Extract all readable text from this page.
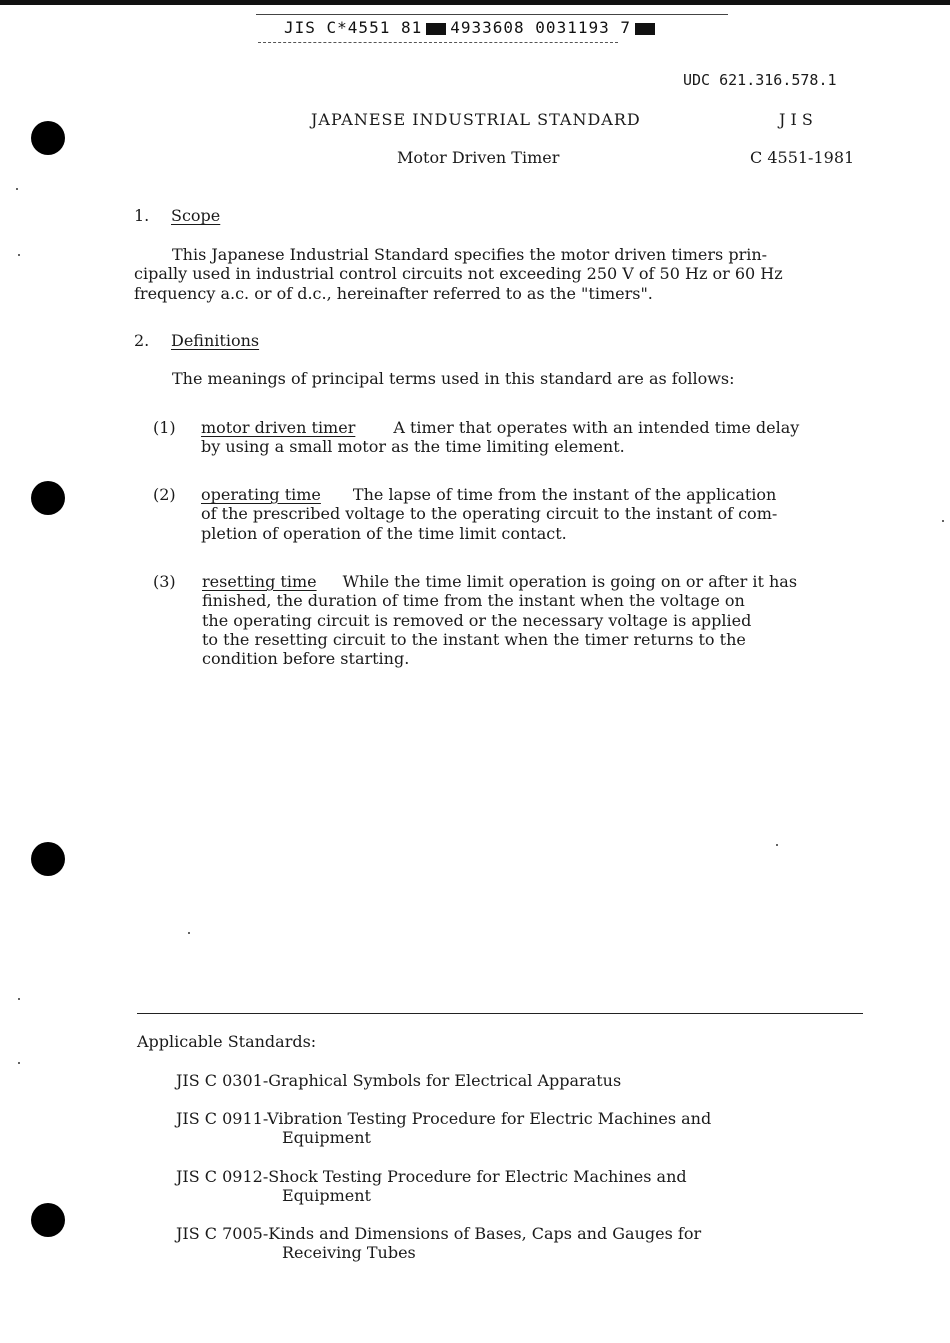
JIS C*4551 81 4933608 0031193 7
UDC 621.316.578.1
JAPANESE INDUSTRIAL STANDARD	J I S
Motor Driven Timer	C 4551-1981
1. Scope
This Japanese Industrial Standard specifies the motor driven timers prin-
cipally used in industrial control circuits not exceeding 250 V of 50 Hz or 60 Hz
frequency a.c. or of d.c., hereinafter referred to as the "timers".
2. Definitions
The meanings of principal terms used in this standard are as follows:
(1) motor driven timer A timer that operates with an intended time delay
by using a small motor as the time limiting element.
(2) operating time The lapse of time from the instant of the application
of the prescribed voltage to the operating circuit to the instant of com-
pletion of operation of the time limit contact.
(3) resetting time While the time limit operation is going on or after it has
finished, the duration of time from the instant when the voltage on
the operating circuit is removed or the necessary voltage is applied
to the resetting circuit to the instant when the timer returns to the
condition before starting.
Applicable Standards:
JIS C 0301-Graphical Symbols for Electrical Apparatus
JIS C 0911-Vibration Testing Procedure for Electric Machines and
Equipment
JIS C 0912-Shock Testing Procedure for Electric Machines and
Equipment
JIS C 7005-Kinds and Dimensions of Bases, Caps and Gauges for
Receiving Tubes
